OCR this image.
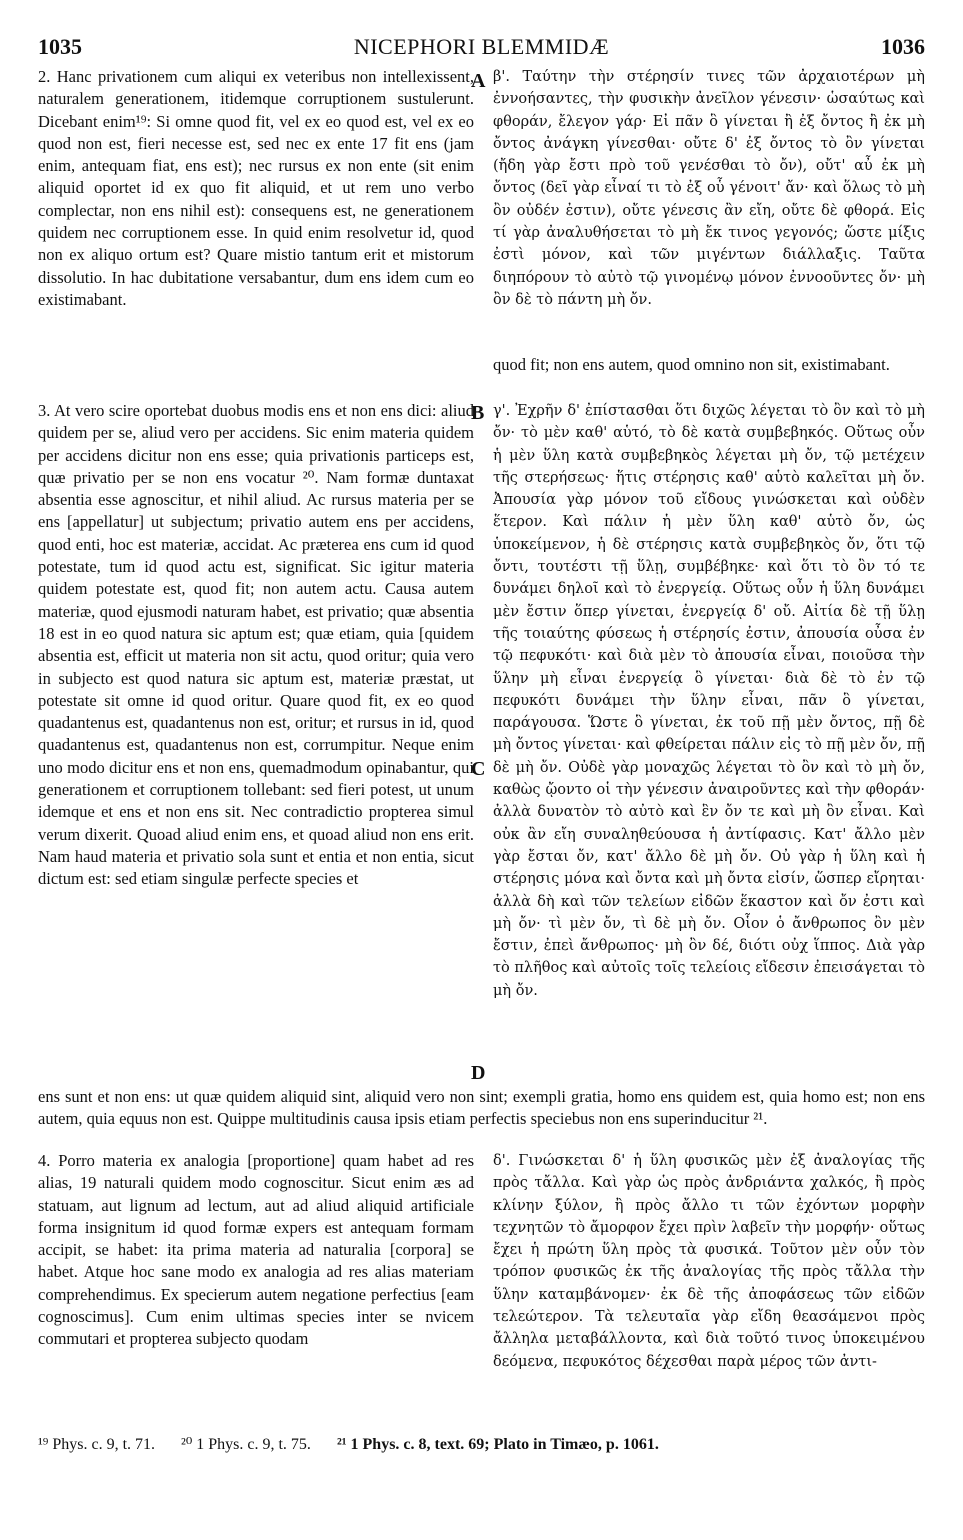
1035	NICEPHORI BLEMMIDÆ	1036

2. Hanc privationem cum aliqui ex veteribus non intellexissent, naturalem generationem, itidemque corruptionem sustulerunt. Dicebant enim¹⁹: Si omne quod fit, vel ex eo quod est, vel ex eo quod non est, fieri necesse est, sed nec ex ente 17 fit ens (jam enim, antequam fiat, ens est); nec rursus ex non ente (sit enim aliquid oportet id ex quo fit aliquid, et ut rem uno verbo complectar, non ens nihil est): consequens est, ne generationem quidem nec corruptionem esse. In quid enim resolvetur id, quod non ex aliquo ortum est? Quare mistio tantum erit et mistorum dissolutio. In hac dubitatione versabantur, dum ens idem cum eo existimabant.

A β'. Ταύτην τὴν στέρησίν τινες τῶν ἀρχαιοτέρων μὴ ἐννοήσαντες, τὴν φυσικὴν ἀνεῖλον γένεσιν· ὡσαύτως καὶ φθοράν, ἔλεγον γάρ· Εἰ πᾶν ὃ γίνεται ἢ ἐξ ὄντος ἢ ἐκ μὴ ὄντος ἀνάγκη γίνεσθαι· οὔτε δ' ἐξ ὄντος τὸ ὂν γίνεται (ἤδη γὰρ ἔστι πρὸ τοῦ γενέσθαι τὸ ὄν), οὔτ' αὖ ἐκ μὴ ὄντος (δεῖ γὰρ εἶναί τι τὸ ἐξ οὗ γένοιτ' ἄν· καὶ ὅλως τὸ μὴ ὂν οὐδέν ἐστιν), οὔτε γένεσις ἂν εἴη, οὔτε δὲ φθορά. Εἰς τί γὰρ ἀναλυθήσεται τὸ μὴ ἔκ τινος γεγονός; ὥστε μίξις ἐστὶ μόνον, καὶ τῶν μιγέντων διάλλαξις. Ταῦτα διηπόρουν τὸ αὐτὸ τῷ γινομένῳ μόνον ἐννοοῦντες ὄν· μὴ ὂν δὲ τὸ πάντη μὴ ὄν.

quod fit; non ens autem, quod omnino non sit, existimabant.

3. At vero scire oportebat duobus modis ens et non ens dici: aliud quidem per se, aliud vero per accidens. Sic enim materia quidem per accidens dicitur non ens esse; quia privationis particeps est, quæ privatio per se non ens vocatur ²⁰. Nam formæ duntaxat absentia esse agnoscitur, et nihil aliud. Ac rursus materia per se ens [appellatur] ut subjectum; privatio autem ens per accidens, quod enti, hoc est materiæ, accidat. Ac præterea ens cum id quod potestate, tum id quod actu est, significat. Sic igitur materia quidem potestate est, quod fit; non autem actu. Causa autem materiæ, quod ejusmodi naturam habet, est privatio; quæ absentia 18 est in eo quod natura sic aptum est; quæ etiam, quia [quidem absentia est, efficit ut materia non sit actu, quod oritur; quia vero in subjecto est quod natura sic aptum est, materiæ præstat, ut potestate sit omne id quod oritur. Quare quod fit, ex eo quod quadantenus est, quadantenus non est, oritur; et rursus in id, quod quadantenus est, quadantenus non est, corrumpitur. Neque enim uno modo dicitur ens et non ens, quemadmodum opinabantur, qui generationem et corruptionem tollebant: sed fieri potest, ut unum idemque et ens et non ens sit. Nec contradictio propterea simul verum dixerit. Quoad aliud enim ens, et quoad aliud non ens erit. Nam haud materia et privatio sola sunt et entia et non entia, sicut dictum est: sed etiam singulæ perfecte species et

B
C

γ'. Ἐχρῆν δ' ἐπίστασθαι ὅτι διχῶς λέγεται τὸ ὂν καὶ τὸ μὴ ὄν· τὸ μὲν καθ' αὑτό, τὸ δὲ κατὰ συμβεβηκός. Οὕτως οὖν ἡ μὲν ὕλη κατὰ συμβεβηκὸς λέγεται μὴ ὄν, τῷ μετέχειν τῆς στερήσεως· ἥτις στέρησις καθ' αὑτὸ καλεῖται μὴ ὄν. Ἀπουσία γὰρ μόνον τοῦ εἴδους γινώσκεται καὶ οὐδὲν ἕτερον. Καὶ πάλιν ἡ μὲν ὕλη καθ' αὑτὸ ὄν, ὡς ὑποκείμενον, ἡ δὲ στέρησις κατὰ συμβεβηκὸς ὄν, ὅτι τῷ ὄντι, τουτέστι τῇ ὕλῃ, συμβέβηκε· καὶ ὅτι τὸ ὂν τό τε δυνάμει δηλοῖ καὶ τὸ ἐνεργείᾳ. Οὕτως οὖν ἡ ὕλη δυνάμει μὲν ἔστιν ὅπερ γίνεται, ἐνεργείᾳ δ' οὔ. Αἰτία δὲ τῇ ὕλῃ τῆς τοιαύτης φύσεως ἡ στέρησίς ἐστιν, ἀπουσία οὖσα ἐν τῷ πεφυκότι· καὶ διὰ μὲν τὸ ἀπουσία εἶναι, ποιοῦσα τὴν ὕλην μὴ εἶναι ἐνεργείᾳ ὃ γίνεται· διὰ δὲ τὸ ἐν τῷ πεφυκότι δυνάμει τὴν ὕλην εἶναι, πᾶν ὃ γίνεται, παράγουσα. Ὥστε ὃ γίνεται, ἐκ τοῦ πῇ μὲν ὄντος, πῇ δὲ μὴ ὄντος γίνεται· καὶ φθείρεται πάλιν εἰς τὸ πῇ μὲν ὄν, πῇ δὲ μὴ ὄν. Οὐδὲ γὰρ μοναχῶς λέγεται τὸ ὂν καὶ τὸ μὴ ὄν, καθὼς ᾤοντο οἱ τὴν γένεσιν ἀναιροῦντες καὶ τὴν φθοράν· ἀλλὰ δυνατὸν τὸ αὐτὸ καὶ ἓν ὄν τε καὶ μὴ ὂν εἶναι. Καὶ οὐκ ἂν εἴη συναληθεύουσα ἡ ἀντίφασις. Κατ' ἄλλο μὲν γὰρ ἔσται ὄν, κατ' ἄλλο δὲ μὴ ὄν. Οὐ γὰρ ἡ ὕλη καὶ ἡ στέρησις μόνα καὶ ὄντα καὶ μὴ ὄντα εἰσίν, ὥσπερ εἴρηται· ἀλλὰ δὴ καὶ τῶν τελείων εἰδῶν ἕκαστον καὶ ὄν ἐστι καὶ μὴ ὄν· τὶ μὲν ὄν, τὶ δὲ μὴ ὄν. Οἷον ὁ ἄνθρωπος ὂν μὲν ἔστιν, ἐπεὶ ἄνθρωπος· μὴ ὂν δέ, διότι οὐχ ἵππος. Διὰ γὰρ τὸ πλῆθος καὶ αὐτοῖς τοῖς τελείοις εἴδεσιν ἐπεισάγεται τὸ μὴ ὄν.

D
ens sunt et non ens: ut quæ quidem aliquid sint, aliquid vero non sint; exempli gratia, homo ens quidem est, quia homo est; non ens autem, quia equus non est. Quippe multitudinis causa ipsis etiam perfectis speciebus non ens superinducitur ²¹.

4. Porro materia ex analogia [proportione] quam habet ad res alias, 19 naturali quidem modo cognoscitur. Sicut enim æs ad statuam, aut lignum ad lectum, aut ad aliud aliquid artificiale forma insignitum id quod formæ expers est antequam formam accipit, se habet: ita prima materia ad naturalia [corpora] se habet. Atque hoc sane modo ex analogia ad res alias materiam comprehendimus. Ex specierum autem negatione perfectius [eam cognoscimus]. Cum enim ultimas species inter se nvicem commutari et propterea subjecto quodam

δ'. Γινώσκεται δ' ἡ ὕλη φυσικῶς μὲν ἐξ ἀναλογίας τῆς πρὸς τἄλλα. Καὶ γὰρ ὡς πρὸς ἀνδριάντα χαλκός, ἢ πρὸς κλίνην ξύλον, ἢ πρὸς ἄλλο τι τῶν ἐχόντων μορφὴν τεχνητῶν τὸ ἄμορφον ἔχει πρὶν λαβεῖν τὴν μορφήν· οὕτως ἔχει ἡ πρώτη ὕλη πρὸς τὰ φυσικά. Τοῦτον μὲν οὖν τὸν τρόπον φυσικῶς ἐκ τῆς ἀναλογίας τῆς πρὸς τἄλλα τὴν ὕλην καταμβάνομεν· ἐκ δὲ τῆς ἀποφάσεως τῶν εἰδῶν τελεώτερον. Τὰ τελευταῖα γὰρ εἴδη θεασάμενοι πρὸς ἄλληλα μεταβάλλοντα, καὶ διὰ τοῦτό τινος ὑποκειμένου δεόμενα, πεφυκότος δέχεσθαι παρὰ μέρος τῶν ἀντι-

¹⁹ Phys. c. 9, t. 71. ²⁰ 1 Phys. c. 9, t. 75. ²¹ 1 Phys. c. 8, text. 69; Plato in Timæo, p. 1061.
